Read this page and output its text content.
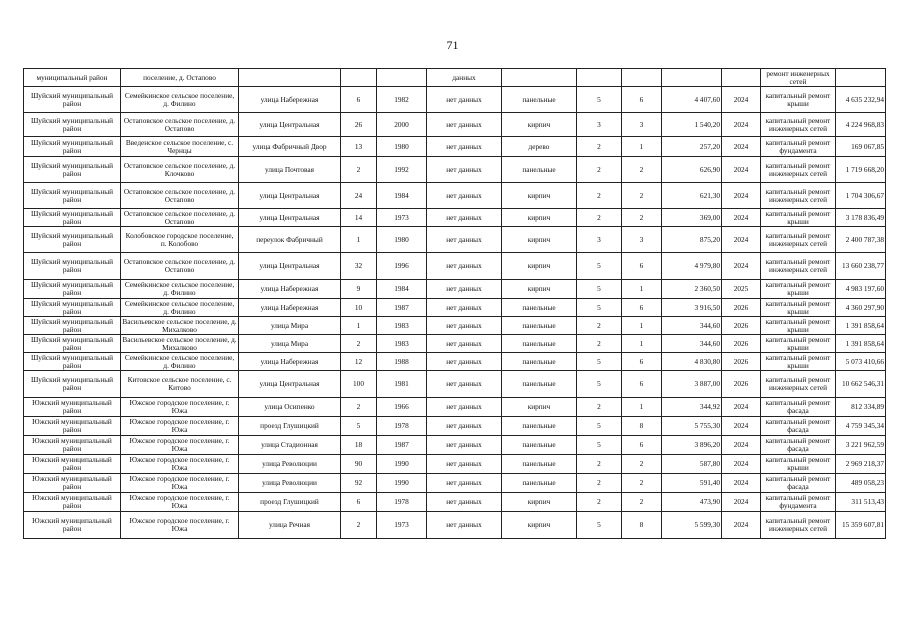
71
муниципальный район	поселение, д. Остапово				данных						ремонт инженерных сетей	
Шуйский муниципальный район	Семейкинское сельское поселение, д. Филино	улица Набережная	6	1982	нет данных	панельные	5	6	4 407,60	2024	капитальный ремонт крыши	4 635 232,94
Шуйский муниципальный район	Остаповское сельское поселение, д. Остапово	улица Центральная	26	2000	нет данных	кирпич	3	3	1 540,20	2024	капитальный ремонт инженерных сетей	4 224 968,83
Шуйский муниципальный район	Введенское сельское поселение, с. Чернцы	улица Фабричный Двор	13	1980	нет данных	дерево	2	1	257,20	2024	капитальный ремонт фундамента	169 067,85
Шуйский муниципальный район	Остаповское сельское поселение, д. Клочково	улица Почтовая	2	1992	нет данных	панельные	2	2	626,90	2024	капитальный ремонт инженерных сетей	1 719 668,20
Шуйский муниципальный район	Остаповское сельское поселение, д. Остапово	улица Центральная	24	1984	нет данных	кирпич	2	2	621,30	2024	капитальный ремонт инженерных сетей	1 704 306,67
Шуйский муниципальный район	Остаповское сельское поселение, д. Остапово	улица Центральная	14	1973	нет данных	кирпич	2	2	369,00	2024	капитальный ремонт крыши	3 178 836,49
Шуйский муниципальный район	Колобовское городское поселение, п. Колобово	переулок Фабричный	1	1980	нет данных	кирпич	3	3	875,20	2024	капитальный ремонт инженерных сетей	2 400 787,38
Шуйский муниципальный район	Остаповское сельское поселение, д. Остапово	улица Центральная	32	1996	нет данных	кирпич	5	6	4 979,80	2024	капитальный ремонт инженерных сетей	13 660 238,77
Шуйский муниципальный район	Семейкинское сельское поселение, д. Филино	улица Набережная	9	1984	нет данных	кирпич	5	1	2 360,50	2025	капитальный ремонт крыши	4 983 197,60
Шуйский муниципальный район	Семейкинское сельское поселение, д. Филино	улица Набережная	10	1987	нет данных	панельные	5	6	3 916,50	2026	капитальный ремонт крыши	4 360 297,90
Шуйский муниципальный район	Васильевское сельское поселение, д. Михалково	улица Мира	1	1983	нет данных	панельные	2	1	344,60	2026	капитальный ремонт крыши	1 391 858,64
Шуйский муниципальный район	Васильевское сельское поселение, д. Михалково	улица Мира	2	1983	нет данных	панельные	2	1	344,60	2026	капитальный ремонт крыши	1 391 858,64
Шуйский муниципальный район	Семейкинское сельское поселение, д. Филино	улица Набережная	12	1988	нет данных	панельные	5	6	4 830,80	2026	капитальный ремонт крыши	5 073 410,66
Шуйский муниципальный район	Китовское сельское поселение, с. Китово	улица Центральная	100	1981	нет данных	панельные	5	6	3 887,00	2026	капитальный ремонт инженерных сетей	10 662 546,31
Южский муниципальный район	Южское городское поселение, г. Южа	улица Осипенко	2	1966	нет данных	кирпич	2	1	344,92	2024	капитальный ремонт фасада	812 334,89
Южский муниципальный район	Южское городское поселение, г. Южа	проезд Глушицкий	5	1978	нет данных	панельные	5	8	5 755,30	2024	капитальный ремонт фасада	4 759 345,34
Южский муниципальный район	Южское городское поселение, г. Южа	улица Стадионная	18	1987	нет данных	панельные	5	6	3 896,20	2024	капитальный ремонт фасада	3 221 962,59
Южский муниципальный район	Южское городское поселение, г. Южа	улица Революции	90	1990	нет данных	панельные	2	2	587,80	2024	капитальный ремонт крыши	2 969 218,37
Южский муниципальный район	Южское городское поселение, г. Южа	улица Революции	92	1990	нет данных	панельные	2	2	591,40	2024	капитальный ремонт фасада	489 058,23
Южский муниципальный район	Южское городское поселение, г. Южа	проезд Глушицкий	6	1978	нет данных	кирпич	2	2	473,90	2024	капитальный ремонт фундамента	311 513,43
Южский муниципальный район	Южское городское поселение, г. Южа	улица Речная	2	1973	нет данных	кирпич	5	8	5 599,30	2024	капитальный ремонт инженерных сетей	15 359 607,81
